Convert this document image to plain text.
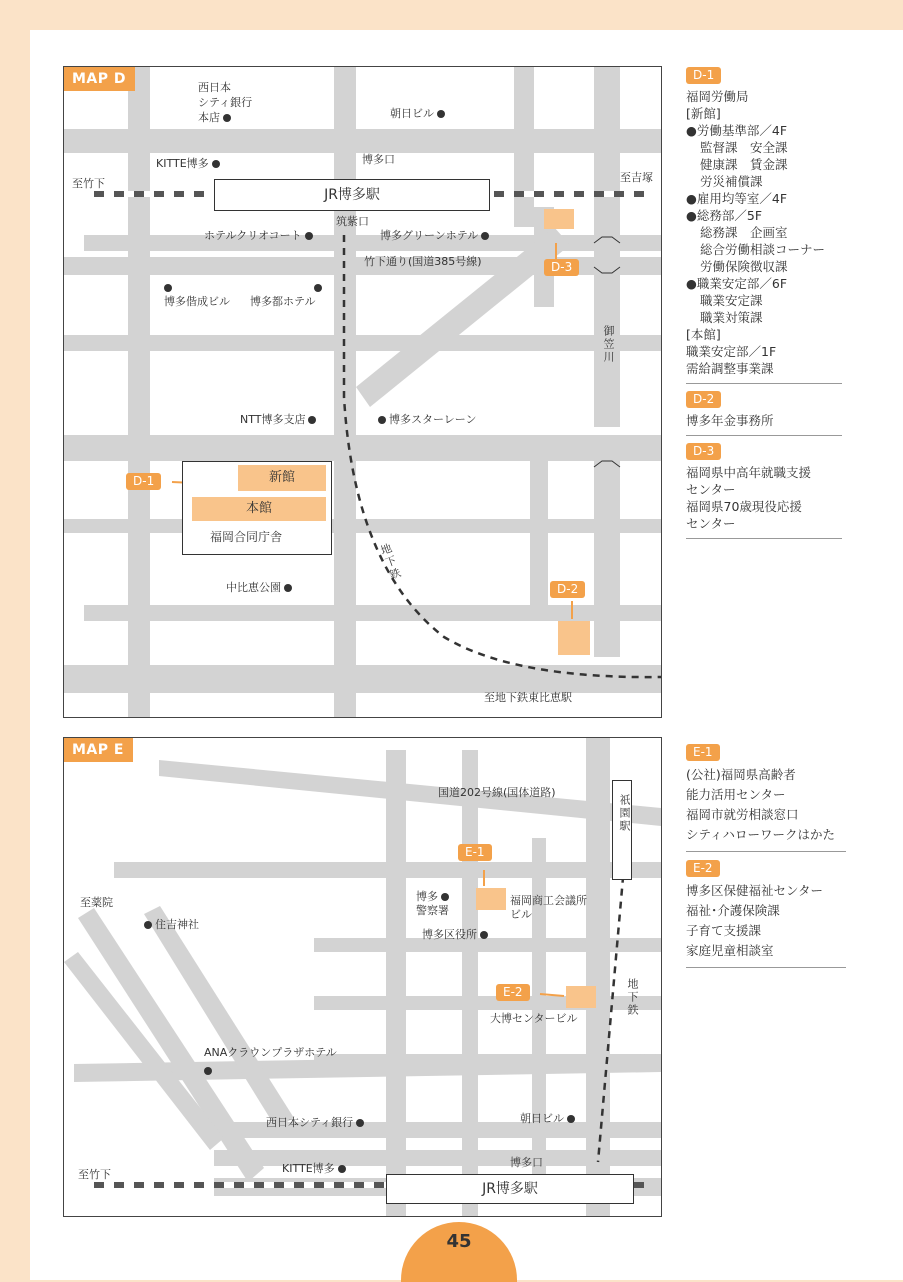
MAP D
JR博多駅
西日本
シティ銀行
本店	朝日ビル
KITTE博多	博多口
至竹下	至吉塚
筑紫口
ホテルクリオコート	博多グリーンホテル
竹下通り(国道385号線)
博多偕成ビル 博多都ホテル
御笠川
NTT博多支店	博多スターレーン
新館
本館
福岡合同庁舎
D-1
中比恵公園
地下鉄
D-3
D-2
至地下鉄東比恵駅
MAP E
国道202号線(国体道路)
祇園駅
E-1
至薬院
住吉神社
博多
警察署
福岡商工会議所
ビル
博多区役所
地下鉄
E-2
大博センタービル
ANAクラウンプラザホテル
西日本シティ銀行	朝日ビル
KITTE博多	博多口
至竹下
JR博多駅
D-1
福岡労働局
[新館]
●労働基準部／4F
監督課　安全課
健康課　賃金課
労災補償課
●雇用均等室／4F
●総務部／5F
総務課　企画室
総合労働相談コーナー
労働保険徴収課
●職業安定部／6F
職業安定課
職業対策課
[本館]
職業安定部／1F
需給調整事業課
D-2
博多年金事務所
D-3
福岡県中高年就職支援
センター
福岡県70歳現役応援
センター
E-1
(公社)福岡県高齢者
能力活用センター
福岡市就労相談窓口
シティハローワークはかた
E-2
博多区保健福祉センター
福祉･介護保険課
子育て支援課
家庭児童相談室
45
